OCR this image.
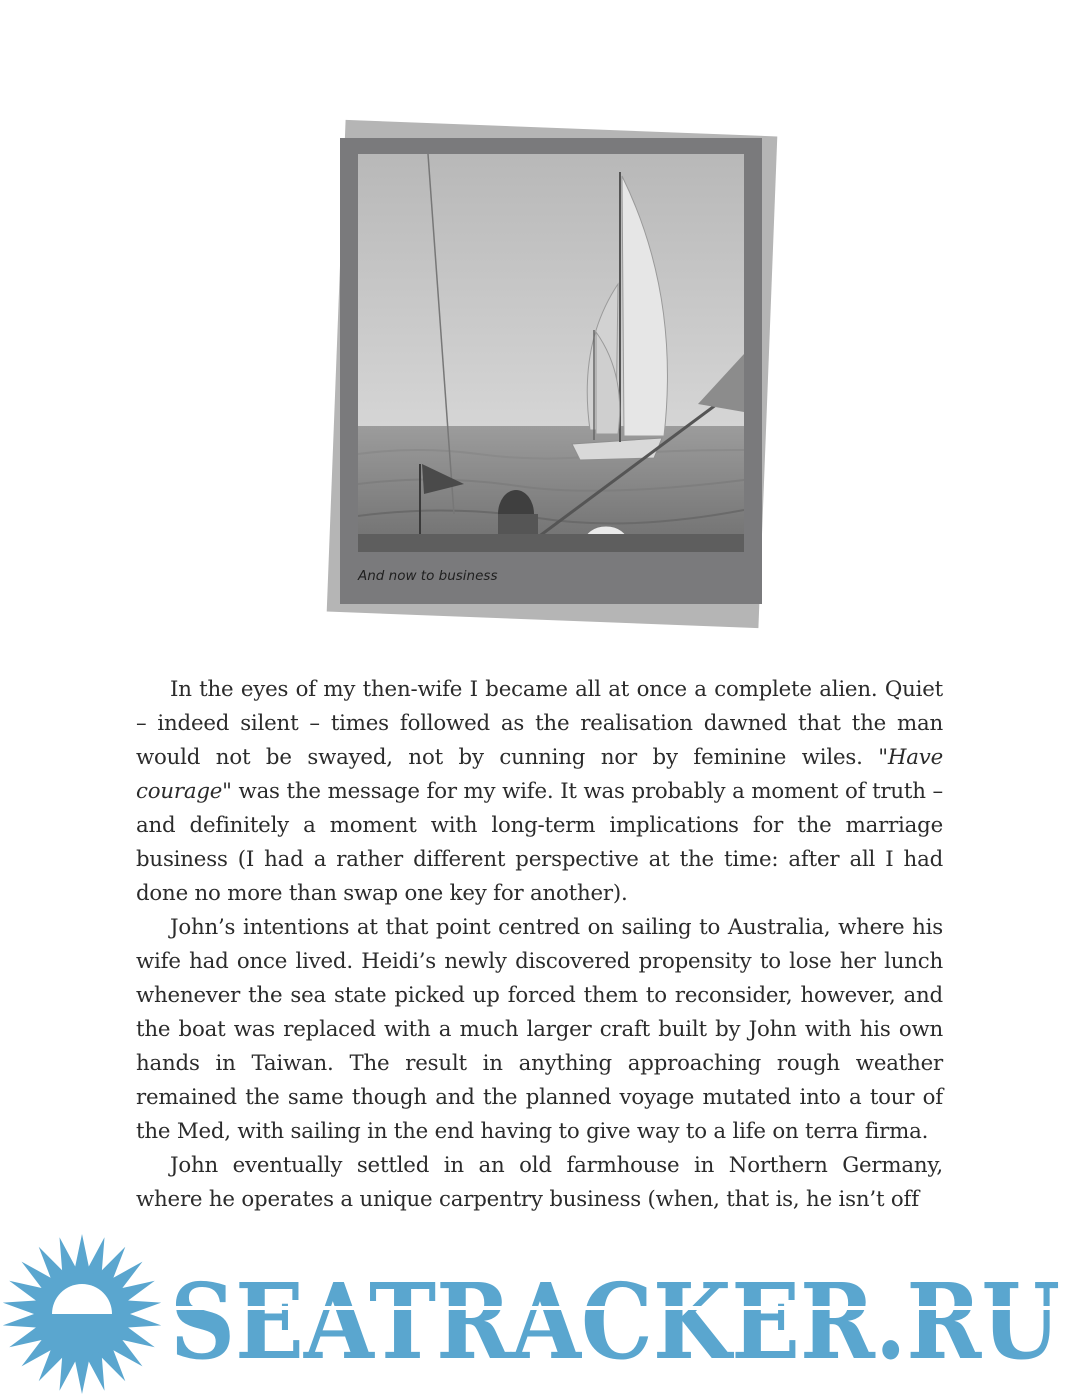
And now to business

In the eyes of my then-wife I became all at once a complete alien. Quiet – indeed silent – times followed as the realisation dawned that the man would not be swayed, not by cunning nor by feminine wiles. "Have courage" was the message for my wife. It was probably a moment of truth – and definitely a moment with long-term implications for the marriage business (I had a rather different perspective at the time: after all I had done no more than swap one key for another).

John’s intentions at that point centred on sailing to Australia, where his wife had once lived. Heidi’s newly discovered propensity to lose her lunch whenever the sea state picked up forced them to reconsider, however, and the boat was replaced with a much larger craft built by John with his own hands in Taiwan. The result in anything approaching rough weather remained the same though and the planned voyage mutated into a tour of the Med, with sailing in the end having to give way to a life on terra firma.

John eventually settled in an old farmhouse in Northern Germany, where he operates a unique carpentry business (when, that is, he isn’t off

SEATRACKER.RU
